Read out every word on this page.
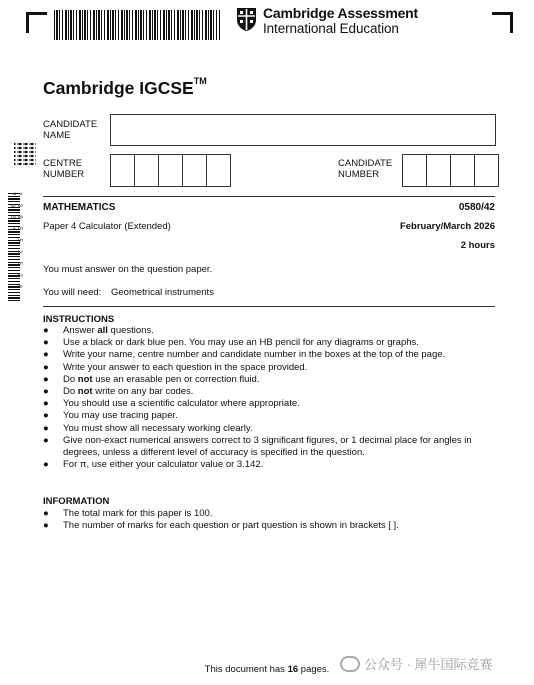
Cambridge Assessment
International Education
Cambridge IGCSE™
CANDIDATE
NAME
CENTRE
NUMBER
CANDIDATE
NUMBER
* 3 9 5 5 2 5 2 6 7 0 3 *	MATHEMATICS	0580/42
Paper 4 Calculator (Extended)	February/March 2026
2 hours
You must answer on the question paper.
You will need: Geometrical instruments
INSTRUCTIONS
● Answer all questions.
● Use a black or dark blue pen. You may use an HB pencil for any diagrams or graphs.
● Write your name, centre number and candidate number in the boxes at the top of the page.
● Write your answer to each question in the space provided.
● Do not use an erasable pen or correction fluid.
● Do not write on any bar codes.
● You should use a scientific calculator where appropriate.
● You may use tracing paper.
● You must show all necessary working clearly.
● Give non-exact numerical answers correct to 3 significant figures, or 1 decimal place for angles in degrees, unless a different level of accuracy is specified in the question.
● For π, use either your calculator value or 3.142.
INFORMATION
● The total mark for this paper is 100.
● The number of marks for each question or part question is shown in brackets [ ].
This document has 16 pages.	公众号 · 犀牛国际竞赛
